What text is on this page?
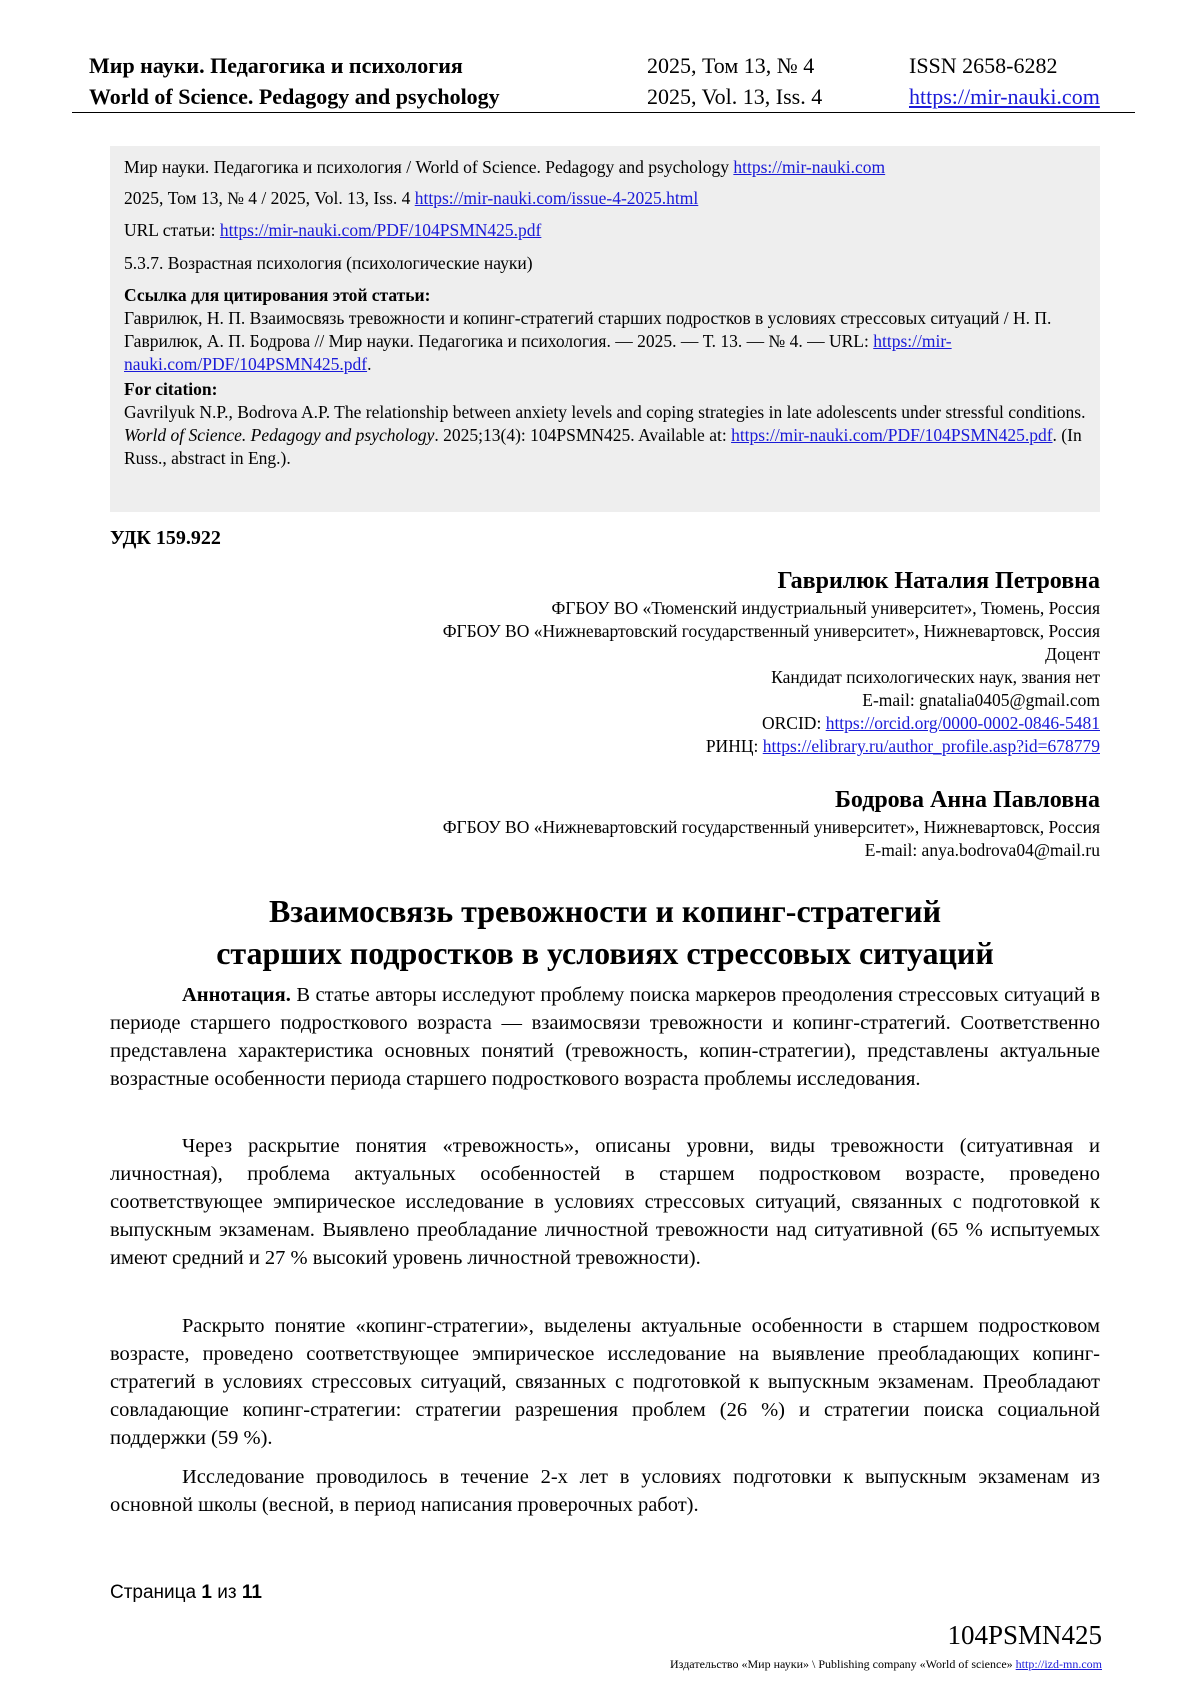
Мир науки. Педагогика и психология
World of Science. Pedagogy and psychology
2025, Том 13, № 4
2025, Vol. 13, Iss. 4
ISSN 2658-6282
https://mir-nauki.com

Мир науки. Педагогика и психология / World of Science. Pedagogy and psychology https://mir-nauki.com

2025, Том 13, № 4 / 2025, Vol. 13, Iss. 4 https://mir-nauki.com/issue-4-2025.html

URL статьи: https://mir-nauki.com/PDF/104PSMN425.pdf

5.3.7. Возрастная психология (психологические науки)

Ссылка для цитирования этой статьи:
Гаврилюк, Н. П. Взаимосвязь тревожности и копинг-стратегий старших подростков в условиях стрессовых ситуаций / Н. П. Гаврилюк, А. П. Бодрова // Мир науки. Педагогика и психология. — 2025. — Т. 13. — № 4. — URL: https://mir-nauki.com/PDF/104PSMN425.pdf.

For citation:
Gavrilyuk N.P., Bodrova A.P. The relationship between anxiety levels and coping strategies in late adolescents under stressful conditions. World of Science. Pedagogy and psychology. 2025;13(4): 104PSMN425. Available at: https://mir-nauki.com/PDF/104PSMN425.pdf. (In Russ., abstract in Eng.).

УДК 159.922
Гаврилюк Наталия Петровна
ФГБОУ ВО «Тюменский индустриальный университет», Тюмень, Россия
ФГБОУ ВО «Нижневартовский государственный университет», Нижневартовск, Россия
Доцент
Кандидат психологических наук, звания нет
E-mail: gnatalia0405@gmail.com
ORCID: https://orcid.org/0000-0002-0846-5481
РИНЦ: https://elibrary.ru/author_profile.asp?id=678779
Бодрова Анна Павловна
ФГБОУ ВО «Нижневартовский государственный университет», Нижневартовск, Россия
E-mail: anya.bodrova04@mail.ru
Взаимосвязь тревожности и копинг-стратегий
старших подростков в условиях стрессовых ситуаций

Аннотация. В статье авторы исследуют проблему поиска маркеров преодоления стрессовых ситуаций в периоде старшего подросткового возраста — взаимосвязи тревожности и копинг-стратегий. Соответственно представлена характеристика основных понятий (тревожность, копин-стратегии), представлены актуальные возрастные особенности периода старшего подросткового возраста проблемы исследования.

Через раскрытие понятия «тревожность», описаны уровни, виды тревожности (ситуативная и личностная), проблема актуальных особенностей в старшем подростковом возрасте, проведено соответствующее эмпирическое исследование в условиях стрессовых ситуаций, связанных с подготовкой к выпускным экзаменам. Выявлено преобладание личностной тревожности над ситуативной (65 % испытуемых имеют средний и 27 % высокий уровень личностной тревожности).

Раскрыто понятие «копинг-стратегии», выделены актуальные особенности в старшем подростковом возрасте, проведено соответствующее эмпирическое исследование на выявление преобладающих копинг-стратегий в условиях стрессовых ситуаций, связанных с подготовкой к выпускным экзаменам. Преобладают совладающие копинг-стратегии: стратегии разрешения проблем (26 %) и стратегии поиска социальной поддержки (59 %).

Исследование проводилось в течение 2-х лет в условиях подготовки к выпускным экзаменам из основной школы (весной, в период написания проверочных работ).

Страница 1 из 11
104PSMN425
Издательство «Мир науки» \ Publishing company «World of science» http://izd-mn.com
